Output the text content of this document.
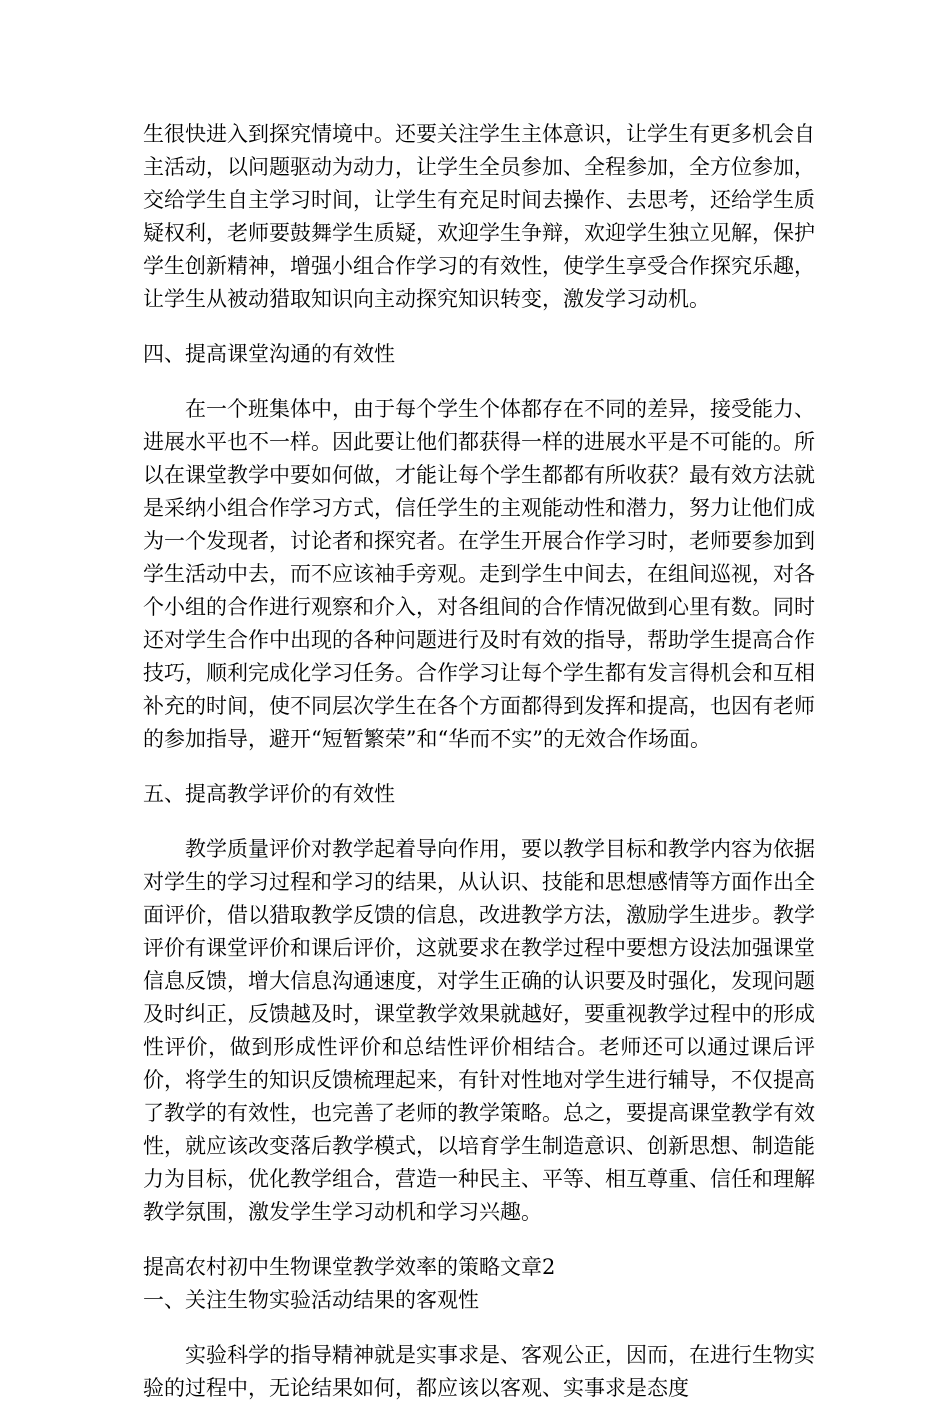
生很快进入到探究情境中。还要关注学生主体意识，让学生有更多机会自主活动，以问题驱动为动力，让学生全员参加、全程参加，全方位参加，交给学生自主学习时间，让学生有充足时间去操作、去思考，还给学生质疑权利，老师要鼓舞学生质疑，欢迎学生争辩，欢迎学生独立见解，保护学生创新精神，增强小组合作学习的有效性，使学生享受合作探究乐趣，让学生从被动猎取知识向主动探究知识转变，激发学习动机。

四、提高课堂沟通的有效性

在一个班集体中，由于每个学生个体都存在不同的差异，接受能力、进展水平也不一样。因此要让他们都获得一样的进展水平是不可能的。所以在课堂教学中要如何做，才能让每个学生都都有所收获？最有效方法就是采纳小组合作学习方式，信任学生的主观能动性和潜力，努力让他们成为一个发现者，讨论者和探究者。在学生开展合作学习时，老师要参加到学生活动中去，而不应该袖手旁观。走到学生中间去，在组间巡视，对各个小组的合作进行观察和介入，对各组间的合作情况做到心里有数。同时还对学生合作中出现的各种问题进行及时有效的指导，帮助学生提高合作技巧，顺利完成化学习任务。合作学习让每个学生都有发言得机会和互相补充的时间，使不同层次学生在各个方面都得到发挥和提高，也因有老师的参加指导，避开“短暂繁荣”和“华而不实”的无效合作场面。

五、提高教学评价的有效性

教学质量评价对教学起着导向作用，要以教学目标和教学内容为依据对学生的学习过程和学习的结果，从认识、技能和思想感情等方面作出全面评价，借以猎取教学反馈的信息，改进教学方法，激励学生进步。教学评价有课堂评价和课后评价，这就要求在教学过程中要想方设法加强课堂信息反馈，增大信息沟通速度，对学生正确的认识要及时强化，发现问题及时纠正，反馈越及时，课堂教学效果就越好，要重视教学过程中的形成性评价，做到形成性评价和总结性评价相结合。老师还可以通过课后评价，将学生的知识反馈梳理起来，有针对性地对学生进行辅导，不仅提高了教学的有效性，也完善了老师的教学策略。总之，要提高课堂教学有效性，就应该改变落后教学模式，以培育学生制造意识、创新思想、制造能力为目标，优化教学组合，营造一种民主、平等、相互尊重、信任和理解教学氛围，激发学生学习动机和学习兴趣。

提高农村初中生物课堂教学效率的策略文章2

一、关注生物实验活动结果的客观性

实验科学的指导精神就是实事求是、客观公正，因而，在进行生物实验的过程中，无论结果如何，都应该以客观、实事求是态度
